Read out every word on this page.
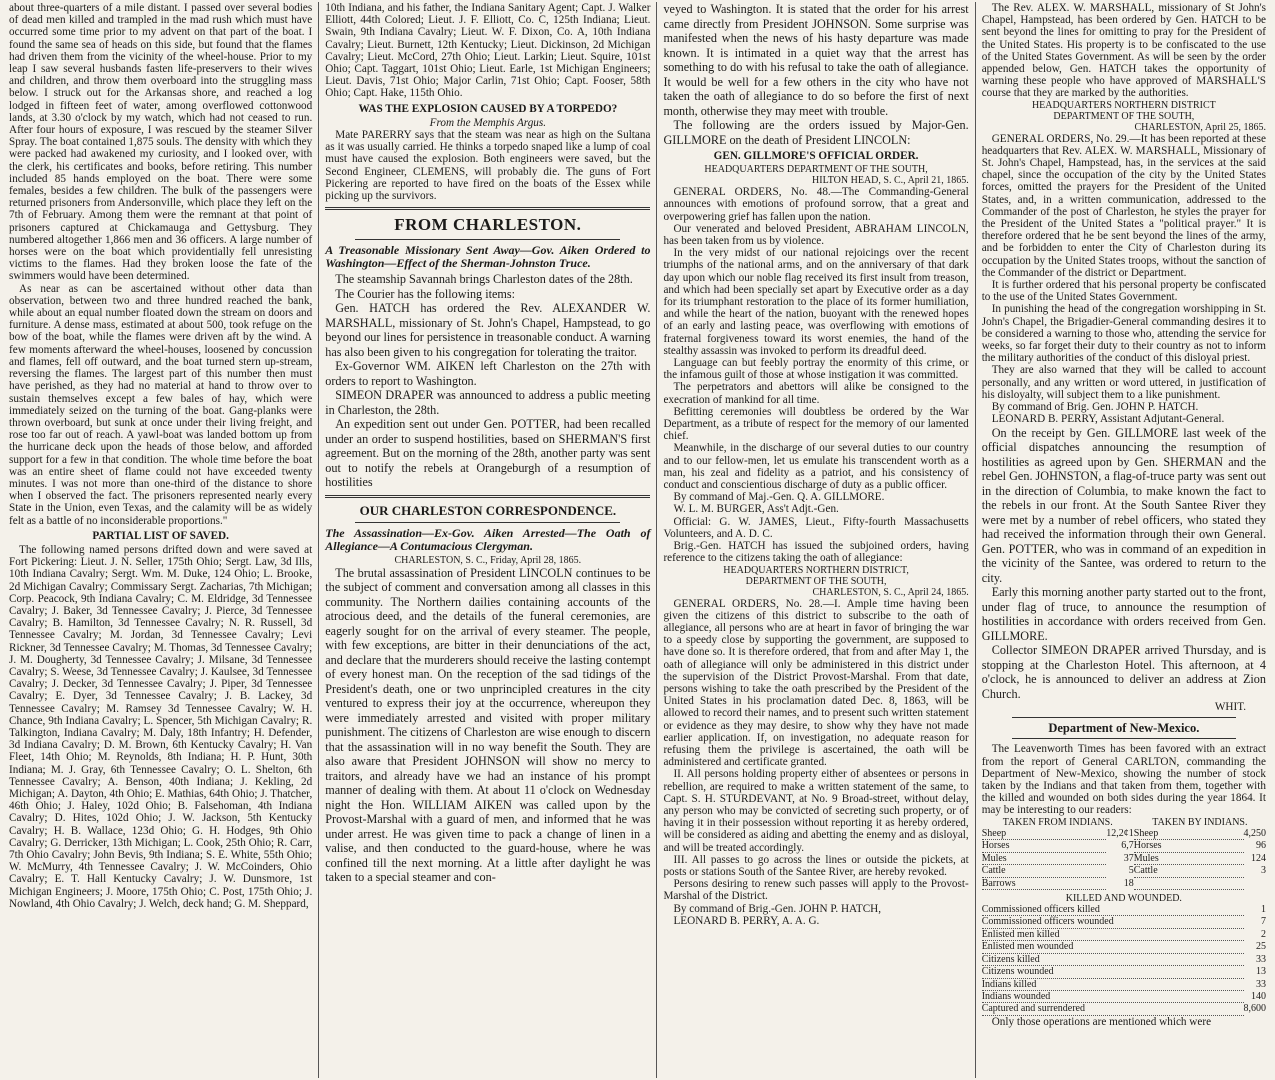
about three-quarters of a mile distant. I passed over several bodies of dead men killed and trampled in the mad rush which must have occurred some time prior to my advent on that part of the boat. I found the same sea of heads on this side, but found that the flames had driven them from the vicinity of the wheel-house. Prior to my leap I saw several husbands fasten life-preservers to their wives and children, and throw them overboard into the struggling mass below. I struck out for the Arkansas shore, and reached a log lodged in fifteen feet of water, among overflowed cottonwood lands, at 3.30 o'clock by my watch, which had not ceased to run. After four hours of exposure, I was rescued by the steamer Silver Spray. The boat contained 1,875 souls. The density with which they were packed had awakened my curiosity, and I looked over, with the clerk, his certificates and books, before retiring. This number included 85 hands employed on the boat. There were some females, besides a few children. The bulk of the passengers were returned prisoners from Andersonville, which place they left on the 7th of February. Among them were the remnant at that point of prisoners captured at Chickamauga and Gettysburg. They numbered altogether 1,866 men and 36 officers. A large number of horses were on the boat which providentially fell unresisting victims to the flames. Had they broken loose the fate of the swimmers would have been determined.

As near as can be ascertained without other data than observation, between two and three hundred reached the bank, while about an equal number floated down the stream on doors and furniture. A dense mass, estimated at about 500, took refuge on the bow of the boat, while the flames were driven aft by the wind. A few moments afterward the wheel-houses, loosened by concussion and flames, fell off outward, and the boat turned stern up-stream, reversing the flames. The largest part of this number then must have perished, as they had no material at hand to throw over to sustain themselves except a few bales of hay, which were immediately seized on the turning of the boat. Gang-planks were thrown overboard, but sunk at once under their living freight, and rose too far out of reach. A yawl-boat was landed bottom up from the hurricane deck upon the heads of those below, and afforded support for a few in that condition. The whole time before the boat was an entire sheet of flame could not have exceeded twenty minutes. I was not more than one-third of the distance to shore when I observed the fact. The prisoners represented nearly every State in the Union, even Texas, and the calamity will be as widely felt as a battle of no inconsiderable proportions."

PARTIAL LIST OF SAVED.

The following named persons drifted down and were saved at Fort Pickering: Lieut. J. N. Seller, 175th Ohio; Sergt. Law, 3d Ills, 10th Indiana Cavalry; Sergt. Wm. M. Duke, 124 Ohio; L. Brooke, 2d Michigan Cavalry; Commissary Sergt. Zacharias, 7th Michigan; Corp. Peacock, 9th Indiana Cavalry; C. M. Eldridge, 3d Tennessee Cavalry; J. Baker, 3d Tennessee Cavalry; J. Pierce, 3d Tennessee Cavalry; B. Hamilton, 3d Tennessee Cavalry; N. R. Russell, 3d Tennessee Cavalry; M. Jordan, 3d Tennessee Cavalry; Levi Rickner, 3d Tennessee Cavalry; M. Thomas, 3d Tennessee Cavalry; J. M. Dougherty, 3d Tennessee Cavalry; J. Milsane, 3d Tennessee Cavalry; S. Weese, 3d Tennessee Cavalry; J. Kaulsee, 3d Tennessee Cavalry; J. Decker, 3d Tennessee Cavalry; J. Piper, 3d Tennessee Cavalry; E. Dyer, 3d Tennessee Cavalry; J. B. Lackey, 3d Tennessee Cavalry; M. Ramsey 3d Tennessee Cavalry; W. H. Chance, 9th Indiana Cavalry; L. Spencer, 5th Michigan Cavalry; R. Talkington, Indiana Cavalry; M. Daly, 18th Infantry; H. Defender, 3d Indiana Cavalry; D. M. Brown, 6th Kentucky Cavalry; H. Van Fleet, 14th Ohio; M. Reynolds, 8th Indiana; H. P. Hunt, 30th Indiana; M. J. Gray, 6th Tennessee Cavalry; O. L. Shelton, 6th Tennessee Cavalry; A. Benson, 40th Indiana; J. Kekling, 2d Michigan; A. Dayton, 4th Ohio; E. Mathias, 64th Ohio; J. Thatcher, 46th Ohio; J. Haley, 102d Ohio; B. Falsehoman, 4th Indiana Cavalry; D. Hites, 102d Ohio; J. W. Jackson, 5th Kentucky Cavalry; H. B. Wallace, 123d Ohio; G. H. Hodges, 9th Ohio Cavalry; G. Derricker, 13th Michigan; L. Cook, 25th Ohio; R. Carr, 7th Ohio Cavalry; John Bevis, 9th Indiana; S. E. White, 55th Ohio; W. McMurry, 4th Tennessee Cavalry; J. W. McCoinders, Ohio Cavalry; E. T. Hall Kentucky Cavalry; J. W. Dunsmore, 1st Michigan Engineers; J. Moore, 175th Ohio; C. Post, 175th Ohio; J. Nowland, 4th Ohio Cavalry; J. Welch, deck hand; G. M. Sheppard,

10th Indiana, and his father, the Indiana Sanitary Agent; Capt. J. Walker Elliott, 44th Colored; Lieut. J. F. Elliott, Co. C, 125th Indiana; Lieut. Swain, 9th Indiana Cavalry; Lieut. W. F. Dixon, Co. A, 10th Indiana Cavalry; Lieut. Burnett, 12th Kentucky; Lieut. Dickinson, 2d Michigan Cavalry; Lieut. McCord, 27th Ohio; Lieut. Larkin; Lieut. Squire, 101st Ohio; Capt. Taggart, 101st Ohio; Lieut. Earle, 1st Michigan Engineers; Lieut. Davis, 71st Ohio; Major Carlin, 71st Ohio; Capt. Fooser, 58th Ohio; Capt. Hake, 115th Ohio.

WAS THE EXPLOSION CAUSED BY A TORPEDO?

From the Memphis Argus.

Mate PARERRY says that the steam was near as high on the Sultana as it was usually carried. He thinks a torpedo snaped like a lump of coal must have caused the explosion. Both engineers were saved, but the Second Engineer, CLEMENS, will probably die. The guns of Fort Pickering are reported to have fired on the boats of the Essex while picking up the survivors.

FROM CHARLESTON.

A Treasonable Missionary Sent Away—Gov. Aiken Ordered to Washington—Effect of the Sherman-Johnston Truce.

The steamship Savannah brings Charleston dates of the 28th.

The Courier has the following items:

Gen. HATCH has ordered the Rev. ALEXANDER W. MARSHALL, missionary of St. John's Chapel, Hampstead, to go beyond our lines for persistence in treasonable conduct. A warning has also been given to his congregation for tolerating the traitor.

Ex-Governor WM. AIKEN left Charleston on the 27th with orders to report to Washington.

SIMEON DRAPER was announced to address a public meeting in Charleston, the 28th.

An expedition sent out under Gen. POTTER, had been recalled under an order to suspend hostilities, based on SHERMAN'S first agreement. But on the morning of the 28th, another party was sent out to notify the rebels at Orangeburgh of a resumption of hostilities

OUR CHARLESTON CORRESPONDENCE.

The Assassination—Ex-Gov. Aiken Arrested—The Oath of Allegiance—A Contumacious Clergyman.

CHARLESTON, S. C., Friday, April 28, 1865.

The brutal assassination of President LINCOLN continues to be the subject of comment and conversation among all classes in this community. The Northern dailies containing accounts of the atrocious deed, and the details of the funeral ceremonies, are eagerly sought for on the arrival of every steamer. The people, with few exceptions, are bitter in their denunciations of the act, and declare that the murderers should receive the lasting contempt of every honest man. On the reception of the sad tidings of the President's death, one or two unprincipled creatures in the city ventured to express their joy at the occurrence, whereupon they were immediately arrested and visited with proper military punishment. The citizens of Charleston are wise enough to discern that the assassination will in no way benefit the South. They are also aware that President JOHNSON will show no mercy to traitors, and already have we had an instance of his prompt manner of dealing with them. At about 11 o'clock on Wednesday night the Hon. WILLIAM AIKEN was called upon by the Provost-Marshal with a guard of men, and informed that he was under arrest. He was given time to pack a change of linen in a valise, and then conducted to the guard-house, where he was confined till the next morning. At a little after daylight he was taken to a special steamer and con-

veyed to Washington. It is stated that the order for his arrest came directly from President JOHNSON. Some surprise was manifested when the news of his hasty departure was made known. It is intimated in a quiet way that the arrest has something to do with his refusal to take the oath of allegiance. It would be well for a few others in the city who have not taken the oath of allegiance to do so before the first of next month, otherwise they may meet with trouble.

The following are the orders issued by Major-Gen. GILLMORE on the death of President LINCOLN:

GEN. GILLMORE'S OFFICIAL ORDER.

HEADQUARTERS DEPARTMENT OF THE SOUTH,

HILTON HEAD, S. C., April 21, 1865.

GENERAL ORDERS, No. 48.—The Commanding-General announces with emotions of profound sorrow, that a great and overpowering grief has fallen upon the nation.

Our venerated and beloved President, ABRAHAM LINCOLN, has been taken from us by violence.

In the very midst of our national rejoicings over the recent triumphs of the national arms, and on the anniversary of that dark day upon which our noble flag received its first insult from treason, and which had been specially set apart by Executive order as a day for its triumphant restoration to the place of its former humiliation, and while the heart of the nation, buoyant with the renewed hopes of an early and lasting peace, was overflowing with emotions of fraternal forgiveness toward its worst enemies, the hand of the stealthy assassin was invoked to perform its dreadful deed.

Language can but feebly portray the enormity of this crime, or the infamous guilt of those at whose instigation it was committed.

The perpetrators and abettors will alike be consigned to the execration of mankind for all time.

Befitting ceremonies will doubtless be ordered by the War Department, as a tribute of respect for the memory of our lamented chief.

Meanwhile, in the discharge of our several duties to our country and to our fellow-men, let us emulate his transcendent worth as a man, his zeal and fidelity as a patriot, and his consistency of conduct and conscientious discharge of duty as a public officer.

By command of Maj.-Gen. Q. A. GILLMORE.

W. L. M. BURGER, Ass't Adjt.-Gen.

Official: G. W. JAMES, Lieut., Fifty-fourth Massachusetts Volunteers, and A. D. C.

Brig.-Gen. HATCH has issued the subjoined orders, having reference to the citizens taking the oath of allegiance:

HEADQUARTERS NORTHERN DISTRICT,

DEPARTMENT OF THE SOUTH,

CHARLESTON, S. C., April 24, 1865.

GENERAL ORDERS, No. 28.—I. Ample time having been given the citizens of this district to subscribe to the oath of allegiance, all persons who are at heart in favor of bringing the war to a speedy close by supporting the government, are supposed to have done so. It is therefore ordered, that from and after May 1, the oath of allegiance will only be administered in this district under the supervision of the District Provost-Marshal. From that date, persons wishing to take the oath prescribed by the President of the United States in his proclamation dated Dec. 8, 1863, will be allowed to record their names, and to present such written statement or evidence as they may desire, to show why they have not made earlier application. If, on investigation, no adequate reason for refusing them the privilege is ascertained, the oath will be administered and certificate granted.

II. All persons holding property either of absentees or persons in rebellion, are required to make a written statement of the same, to Capt. S. H. STURDEVANT, at No. 9 Broad-street, without delay, any person who may be convicted of secreting such property, or of having it in their possession without reporting it as hereby ordered, will be considered as aiding and abetting the enemy and as disloyal, and will be treated accordingly.

III. All passes to go across the lines or outside the pickets, at posts or stations South of the Santee River, are hereby revoked.

Persons desiring to renew such passes will apply to the Provost-Marshal of the District.

By command of Brig.-Gen. JOHN P. HATCH,

LEONARD B. PERRY, A. A. G.

The Rev. ALEX. W. MARSHALL, missionary of St John's Chapel, Hampstead, has been ordered by Gen. HATCH to be sent beyond the lines for omitting to pray for the President of the United States. His property is to be confiscated to the use of the United States Government. As will be seen by the order appended below, Gen. HATCH takes the opportunity of warning these people who have approved of MARSHALL'S course that they are marked by the authorities.

HEADQUARTERS NORTHERN DISTRICT

DEPARTMENT OF THE SOUTH,

CHARLESTON, April 25, 1865.

GENERAL ORDERS, No. 29.—It has been reported at these headquarters that Rev. ALEX. W. MARSHALL, Missionary of St. John's Chapel, Hampstead, has, in the services at the said chapel, since the occupation of the city by the United States forces, omitted the prayers for the President of the United States, and, in a written communication, addressed to the Commander of the post of Charleston, he styles the prayer for the President of the United States a "political prayer." It is therefore ordered that he be sent beyond the lines of the army, and be forbidden to enter the City of Charleston during its occupation by the United States troops, without the sanction of the Commander of the district or Department.

It is further ordered that his personal property be confiscated to the use of the United States Government.

In punishing the head of the congregation worshipping in St. John's Chapel, the Brigadier-General commanding desires it to be considered a warning to those who, attending the service for weeks, so far forget their duty to their country as not to inform the military authorities of the conduct of this disloyal priest.

They are also warned that they will be called to account personally, and any written or word uttered, in justification of his disloyalty, will subject them to a like punishment.

By command of Brig. Gen. JOHN P. HATCH.

LEONARD B. PERRY, Assistant Adjutant-General.

On the receipt by Gen. GILLMORE last week of the official dispatches announcing the resumption of hostilities as agreed upon by Gen. SHERMAN and the rebel Gen. JOHNSTON, a flag-of-truce party was sent out in the direction of Columbia, to make known the fact to the rebels in our front. At the South Santee River they were met by a number of rebel officers, who stated they had received the information through their own General. Gen. POTTER, who was in command of an expedition in the vicinity of the Santee, was ordered to return to the city.

Early this morning another party started out to the front, under flag of truce, to announce the resumption of hostilities in accordance with orders received from Gen. GILLMORE.

Collector SIMEON DRAPER arrived Thursday, and is stopping at the Charleston Hotel. This afternoon, at 4 o'clock, he is announced to deliver an address at Zion Church.

WHIT.

Department of New-Mexico.

The Leavenworth Times has been favored with an extract from the report of General CARLTON, commanding the Department of New-Mexico, showing the number of stock taken by the Indians and that taken from them, together with the killed and wounded on both sides during the year 1864. It may be interesting to our readers:

TAKEN FROM INDIANS.		TAKEN BY INDIANS.	
Sheep	12,2¢1	Sheep	4,250
Horses	6,7	Horses	96
Mules	37	Mules	124
Cattle	5	Cattle	3
Barrows	18		

KILLED AND WOUNDED.

Commissioned officers killed	1
Commissioned officers wounded	7
Enlisted men killed	2
Enlisted men wounded	25
Citizens killed	33
Citizens wounded	13
Indians killed	33
Indians wounded	140
Captured and surrendered	8,600

Only those operations are mentioned which were
